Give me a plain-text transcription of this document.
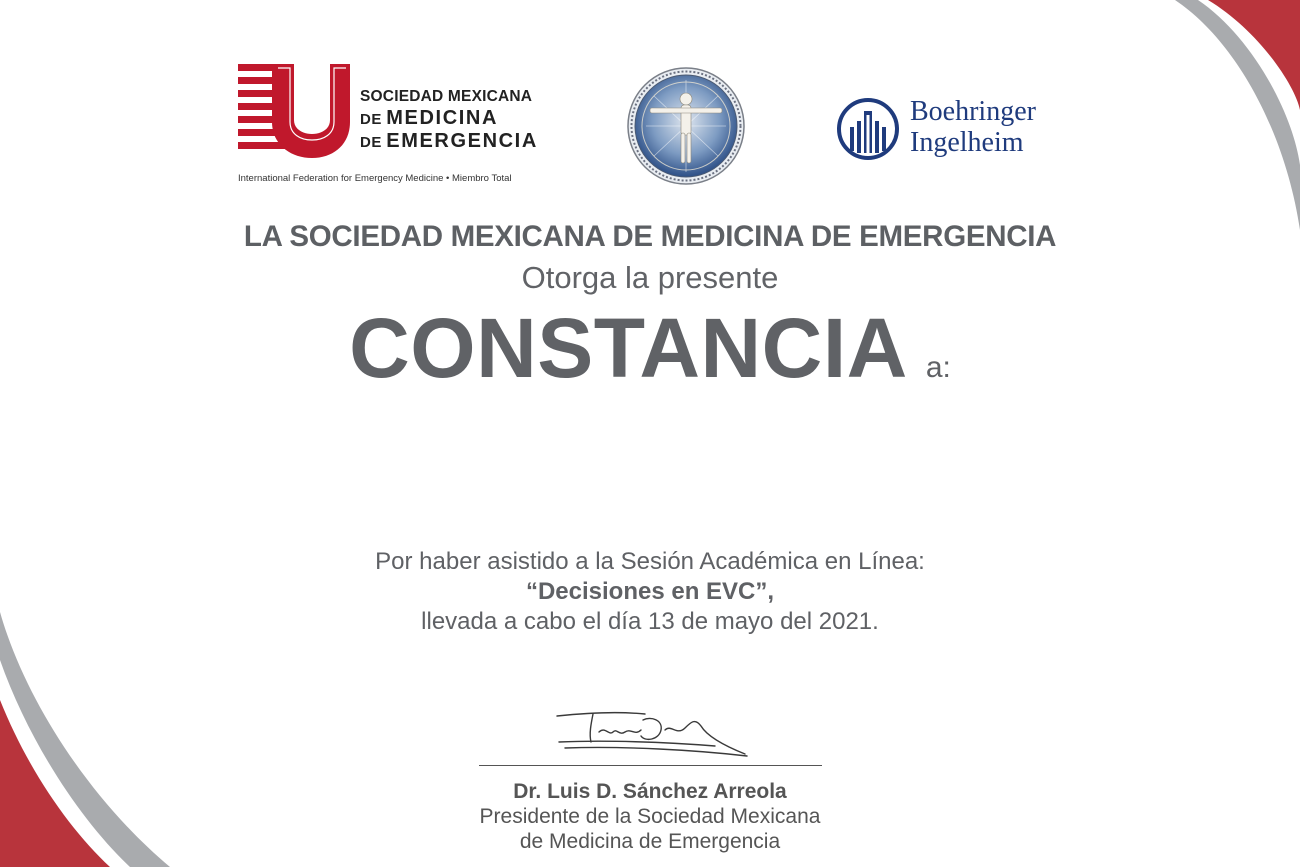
SOCIEDAD MEXICANA
DE MEDICINA
DE EMERGENCIA
International Federation for Emergency Medicine • Miembro Total
Boehringer
Ingelheim

LA SOCIEDAD MEXICANA DE MEDICINA DE EMERGENCIA

Otorga la presente

CONSTANCIA a:

Por haber asistido a la Sesión Académica en Línea:

“Decisiones en EVC”,

llevada a cabo el día 13 de mayo del 2021.

Dr. Luis D. Sánchez Arreola

Presidente de la Sociedad Mexicana

de Medicina de Emergencia
